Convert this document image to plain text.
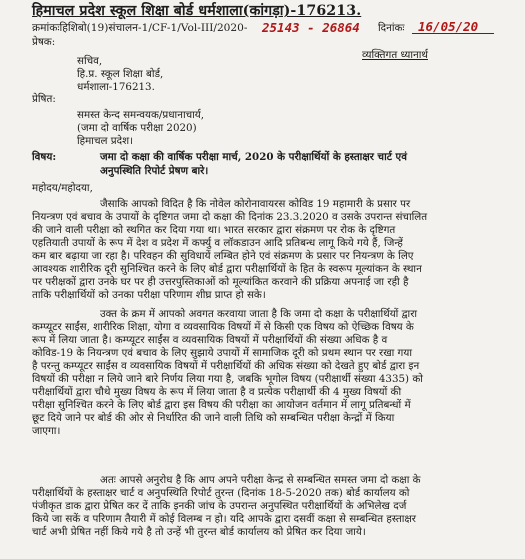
हिमाचल प्रदेश स्कूल शिक्षा बोर्ड धर्मशाला(कांगड़ा)-176213.
क्रमांकःहिशिबो(19)संचालन-1/CF-1/Vol-III/2020- 25143 - 26864 दिनांकः 16/05/20
प्रेषक:
सचिव,
हि.प्र. स्कूल शिक्षा बोर्ड,
धर्मशाला-176213.
व्यक्तिगत ध्यानार्थ
प्रेषित:
समस्त केन्द समन्वयक/प्रधानाचार्य,
(जमा दो वार्षिक परीक्षा 2020)
हिमाचल प्रदेश।
विषय:	जमा दो कक्षा की वार्षिक परीक्षा मार्च, 2020 के परीक्षार्थियों के हस्ताक्षर चार्ट एवं
अनुपस्थिति रिपोर्ट प्रेषण बारे।
महोदय/महोदया,
जैसाकि आपको विदित है कि नोवेल कोरोनावायरस कोविड 19 महामारी के प्रसार पर
नियन्त्रण एवं बचाव के उपायों के दृष्टिगत जमा दो कक्षा की दिनांक 23.3.2020 व उसके उपरान्त संचालित
की जाने वाली परीक्षा को स्थगित कर दिया गया था। भारत सरकार द्वारा संक्रमण पर रोक के दृष्टिगत
एहतियाती उपायों के रूप में देश व प्रदेश में कर्फ्यु व लॉकडाउन आदि प्रतिबन्ध लागू किये गये हैं, जिन्हें
कम बार बढ़ाया जा रहा है। परिवहन की सुविधायें लम्बित होने एवं संक्रमण के प्रसार पर नियन्त्रण के लिए
आवश्यक शारीरिक दूरी सुनिश्चित करने के लिए बोर्ड द्वारा परीक्षार्थियों के हित के स्वरूप मूल्यांकन के स्थान
पर परीक्षकों द्वारा उनके घर पर ही उत्तरपुस्तिकाओं को मूल्यांकित करवाने की प्रक्रिया अपनाई जा रही है
ताकि परीक्षार्थियों को उनका परीक्षा परिणाम शीघ्र प्राप्त हो सके।
उक्त के क्रम में आपको अवगत करवाया जाता है कि जमा दो कक्षा के परीक्षार्थियों द्वारा
कम्प्यूटर साईंस, शारीरिक शिक्षा, योगा व व्यवसायिक विषयों में से किसी एक विषय को ऐच्छिक विषय के
रूप में लिया जाता है। कम्प्यूटर साईंस व व्यवसायिक विषयों में परीक्षार्थियों की संख्या अधिक है व
कोविड-19 के नियन्त्रण एवं बचाव के लिए सुझाये उपायों में सामाजिक दूरी को प्रथम स्थान पर रखा गया
है परन्तु कम्प्यूटर साईंस व व्यवसायिक विषयों में परीक्षार्थियों की अधिक संख्या को देखते हुए बोर्ड द्वारा इन
विषयों की परीक्षा न लिये जाने बारे निर्णय लिया गया है, जबकि भूगोल विषय (परीक्षार्थी संख्या 4335) को
परीक्षार्थियों द्वारा चौथे मुख्य विषय के रूप में लिया जाता है व प्रत्येक परीक्षार्थी की 4 मुख्य विषयों की
परीक्षा सुनिश्चित करने के लिए बोर्ड द्वारा इस विषय की परीक्षा का आयोजन वर्तमान में लागू प्रतिबन्धों में
छूट दिये जाने पर बोर्ड की ओर से निर्धारित की जाने वाली तिथि को सम्बन्धित परीक्षा केन्द्रों में किया
जाएगा।
अतः आपसे अनुरोध है कि आप अपने परीक्षा केन्द्र से सम्बन्धित समस्त जमा दो कक्षा के
परीक्षार्थियों के हस्ताक्षर चार्ट व अनुपस्थिति रिपोर्ट तुरन्त (दिनांक 18-5-2020 तक) बोर्ड कार्यालय को
पंजीकृत डाक द्वारा प्रेषित कर दें ताकि इनकी जांच के उपरान्त अनुपस्थित परीक्षार्थियों के अभिलेख दर्ज
किये जा सकें व परिणाम तैयारी में कोई विलम्ब न हो। यदि आपके द्वारा दसवीं कक्षा से सम्बन्धित हस्ताक्षर
चार्ट अभी प्रेषित नहीं किये गये है तो उन्हें भी तुरन्त बोर्ड कार्यालय को प्रेषित कर दिया जाये।
